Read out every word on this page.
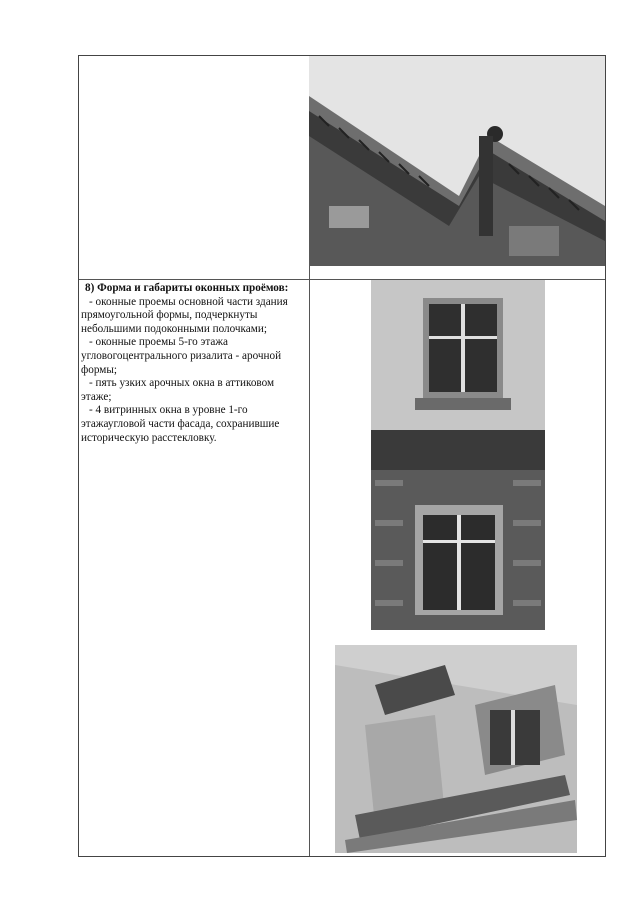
8) Форма и габариты оконных проёмов:

- оконные проемы основной части здания прямоугольной формы, подчеркнуты небольшими подоконными полочками;

- оконные проемы 5-го этажа угловогоцентрального ризалита - арочной формы;

- пять узких арочных окна в аттиковом этаже;

- 4 витринных окна в уровне 1-го этажаугловой части фасада, сохранившие историческую расстекловку.
